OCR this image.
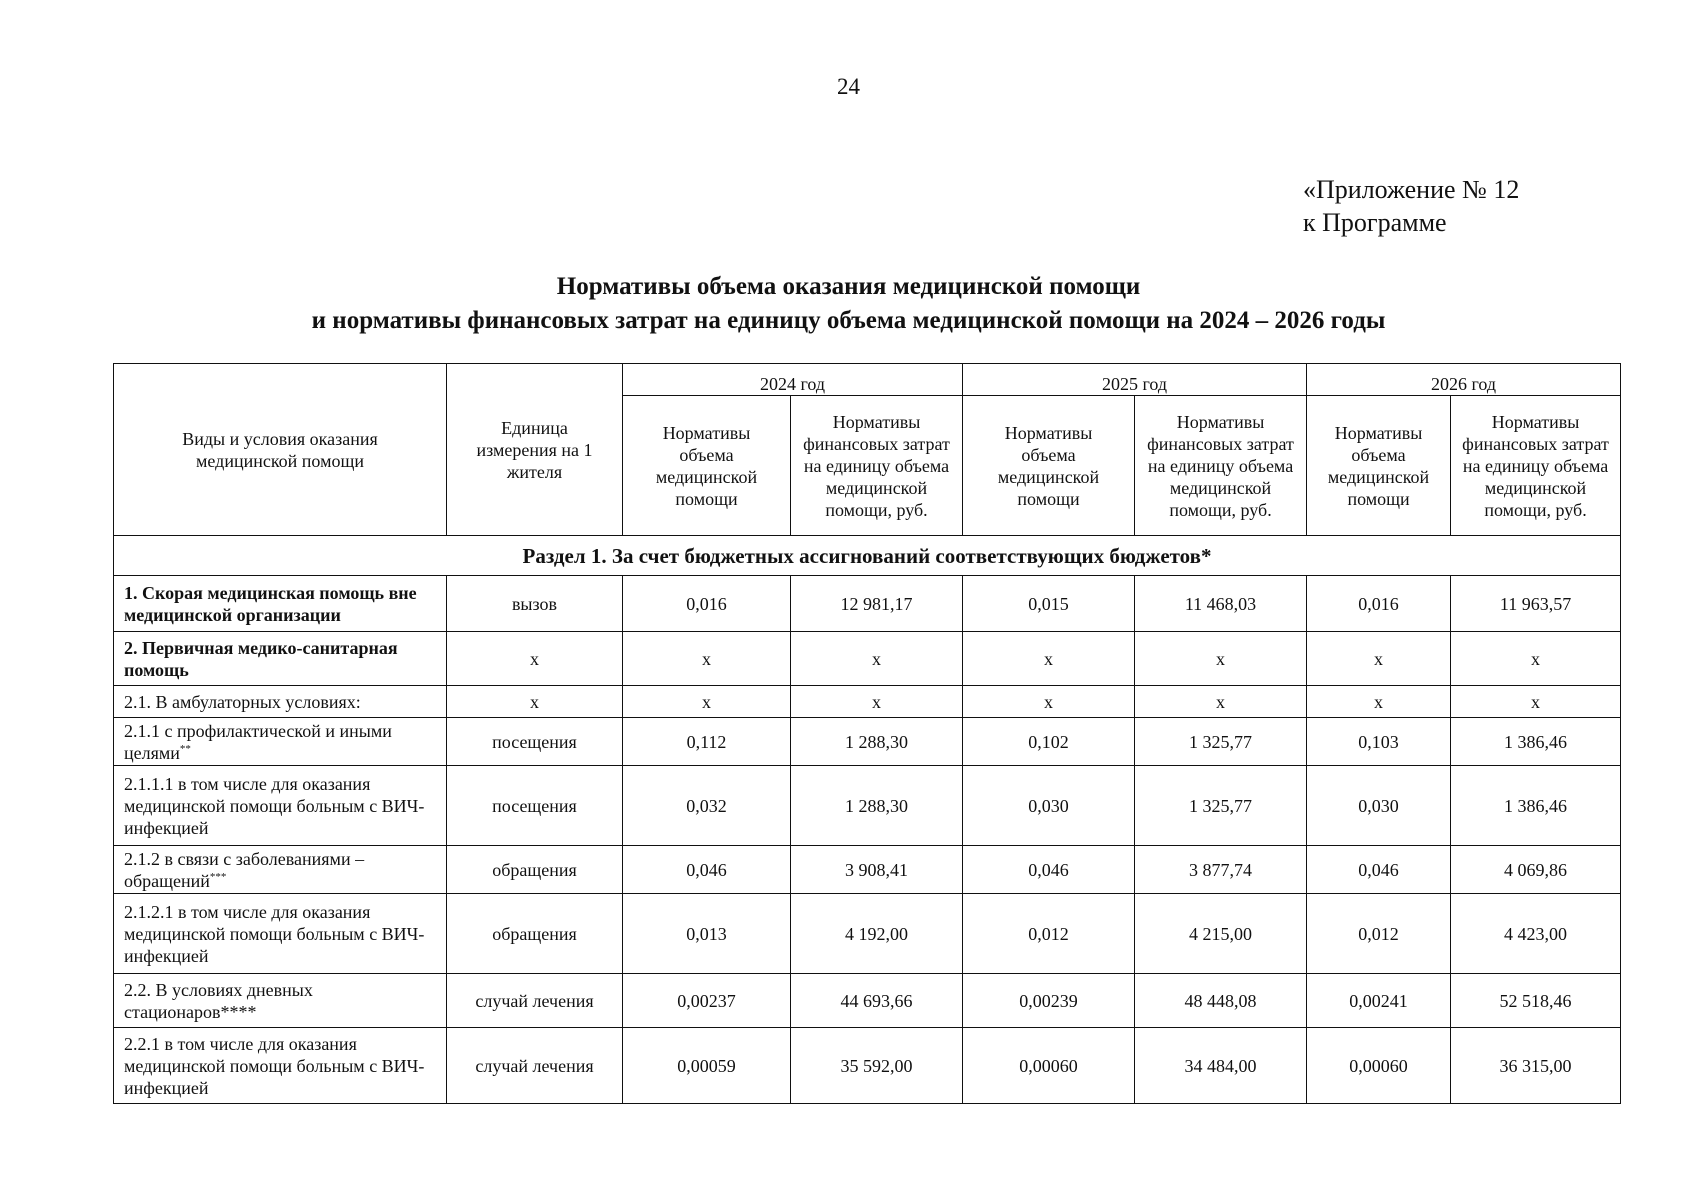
24
«Приложение № 12
к Программе
Нормативы объема оказания медицинской помощи
и нормативы финансовых затрат на единицу объема медицинской помощи на 2024 – 2026 годы
Виды и условия оказания медицинской помощи	Единица измерения на 1 жителя	2024 год		2025 год		2026 год	
		Нормативы объема медицинской помощи	Нормативы финансовых затрат на единицу объема медицинской помощи, руб.	Нормативы объема медицинской помощи	Нормативы финансовых затрат на единицу объема медицинской помощи, руб.	Нормативы объема медицинской помощи	Нормативы финансовых затрат на единицу объема медицинской помощи, руб.
Раздел 1. За счет бюджетных ассигнований соответствующих бюджетов*							
1. Скорая медицинская помощь вне медицинской организации	вызов	0,016	12 981,17	0,015	11 468,03	0,016	11 963,57
2. Первичная медико-санитарная помощь	х	х	х	х	х	х	х
2.1. В амбулаторных условиях:	х	х	х	х	х	х	х
2.1.1 с профилактической и иными целями**	посещения	0,112	1 288,30	0,102	1 325,77	0,103	1 386,46
2.1.1.1 в том числе для оказания медицинской помощи больным с ВИЧ-инфекцией	посещения	0,032	1 288,30	0,030	1 325,77	0,030	1 386,46
2.1.2 в связи с заболеваниями – обращений***	обращения	0,046	3 908,41	0,046	3 877,74	0,046	4 069,86
2.1.2.1 в том числе для оказания медицинской помощи больным с ВИЧ-инфекцией	обращения	0,013	4 192,00	0,012	4 215,00	0,012	4 423,00
2.2. В условиях дневных стационаров****	случай лечения	0,00237	44 693,66	0,00239	48 448,08	0,00241	52 518,46
2.2.1 в том числе для оказания медицинской помощи больным с ВИЧ-инфекцией	случай лечения	0,00059	35 592,00	0,00060	34 484,00	0,00060	36 315,00
